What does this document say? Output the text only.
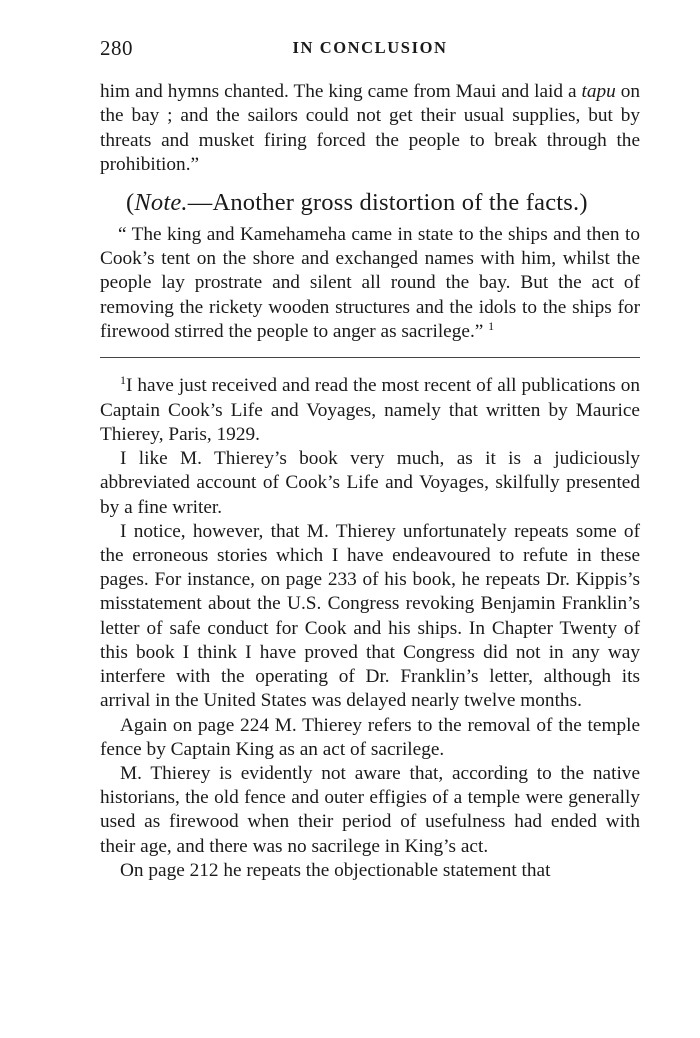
280	IN CONCLUSION

him and hymns chanted. The king came from Maui and laid a tapu on the bay ; and the sailors could not get their usual supplies, but by threats and musket firing forced the people to break through the prohibition.”

(Note.—Another gross distortion of the facts.)

“ The king and Kamehameha came in state to the ships and then to Cook’s tent on the shore and exchanged names with him, whilst the people lay prostrate and silent all round the bay. But the act of removing the rickety wooden structures and the idols to the ships for firewood stirred the people to anger as sacrilege.” $^1$

$^1$I have just received and read the most recent of all publications on Captain Cook’s Life and Voyages, namely that written by Maurice Thierey, Paris, 1929.

I like M. Thierey’s book very much, as it is a judiciously abbreviated account of Cook’s Life and Voyages, skilfully presented by a fine writer.

I notice, however, that M. Thierey unfortunately repeats some of the erroneous stories which I have endeavoured to refute in these pages. For instance, on page 233 of his book, he repeats Dr. Kippis’s misstatement about the U.S. Congress revoking Benjamin Franklin’s letter of safe conduct for Cook and his ships. In Chapter Twenty of this book I think I have proved that Congress did not in any way interfere with the operating of Dr. Franklin’s letter, although its arrival in the United States was delayed nearly twelve months.

Again on page 224 M. Thierey refers to the removal of the temple fence by Captain King as an act of sacrilege.

M. Thierey is evidently not aware that, according to the native historians, the old fence and outer effigies of a temple were generally used as firewood when their period of usefulness had ended with their age, and there was no sacrilege in King’s act.

On page 212 he repeats the objectionable statement that
